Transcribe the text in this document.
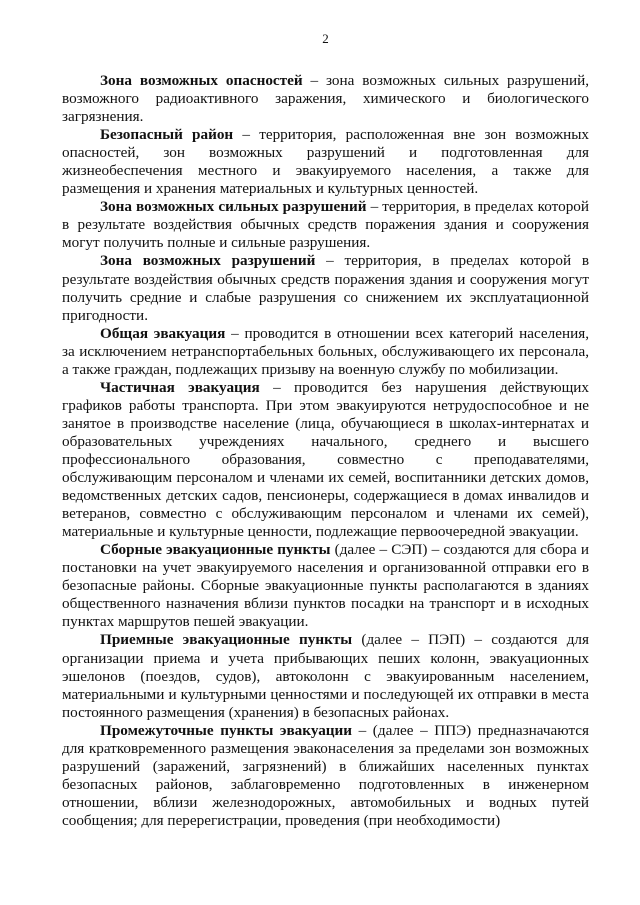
2

Зона возможных опасностей – зона возможных сильных разрушений, возможного радиоактивного заражения, химического и биологического загрязнения.

Безопасный район – территория, расположенная вне зон возможных опасностей, зон возможных разрушений и подготовленная для жизнеобеспечения местного и эвакуируемого населения, а также для размещения и хранения материальных и культурных ценностей.

Зона возможных сильных разрушений – территория, в пределах которой в результате воздействия обычных средств поражения здания и сооружения могут получить полные и сильные разрушения.

Зона возможных разрушений – территория, в пределах которой в результате воздействия обычных средств поражения здания и сооружения могут получить средние и слабые разрушения со снижением их эксплуатационной пригодности.

Общая эвакуация – проводится в отношении всех категорий населения, за исключением нетранспортабельных больных, обслуживающего их персонала, а также граждан, подлежащих призыву на военную службу по мобилизации.

Частичная эвакуация – проводится без нарушения действующих графиков работы транспорта. При этом эвакуируются нетрудоспособное и не занятое в производстве население (лица, обучающиеся в школах-интернатах и образовательных учреждениях начального, среднего и высшего профессионального образования, совместно с преподавателями, обслуживающим персоналом и членами их семей, воспитанники детских домов, ведомственных детских садов, пенсионеры, содержащиеся в домах инвалидов и ветеранов, совместно с обслуживающим персоналом и членами их семей), материальные и культурные ценности, подлежащие первоочередной эвакуации.

Сборные эвакуационные пункты (далее – СЭП) – создаются для сбора и постановки на учет эвакуируемого населения и организованной отправки его в безопасные районы. Сборные эвакуационные пункты располагаются в зданиях общественного назначения вблизи пунктов посадки на транспорт и в исходных пунктах маршрутов пешей эвакуации.

Приемные эвакуационные пункты (далее – ПЭП) – создаются для организации приема и учета прибывающих пеших колонн, эвакуационных эшелонов (поездов, судов), автоколонн с эвакуированным населением, материальными и культурными ценностями и последующей их отправки в места постоянного размещения (хранения) в безопасных районах.

Промежуточные пункты эвакуации – (далее – ППЭ) предназначаются для кратковременного размещения эваконаселения за пределами зон возможных разрушений (заражений, загрязнений) в ближайших населенных пунктах безопасных районов, заблаговременно подготовленных в инженерном отношении, вблизи железнодорожных, автомобильных и водных путей сообщения; для перерегистрации, проведения (при необходимости)
